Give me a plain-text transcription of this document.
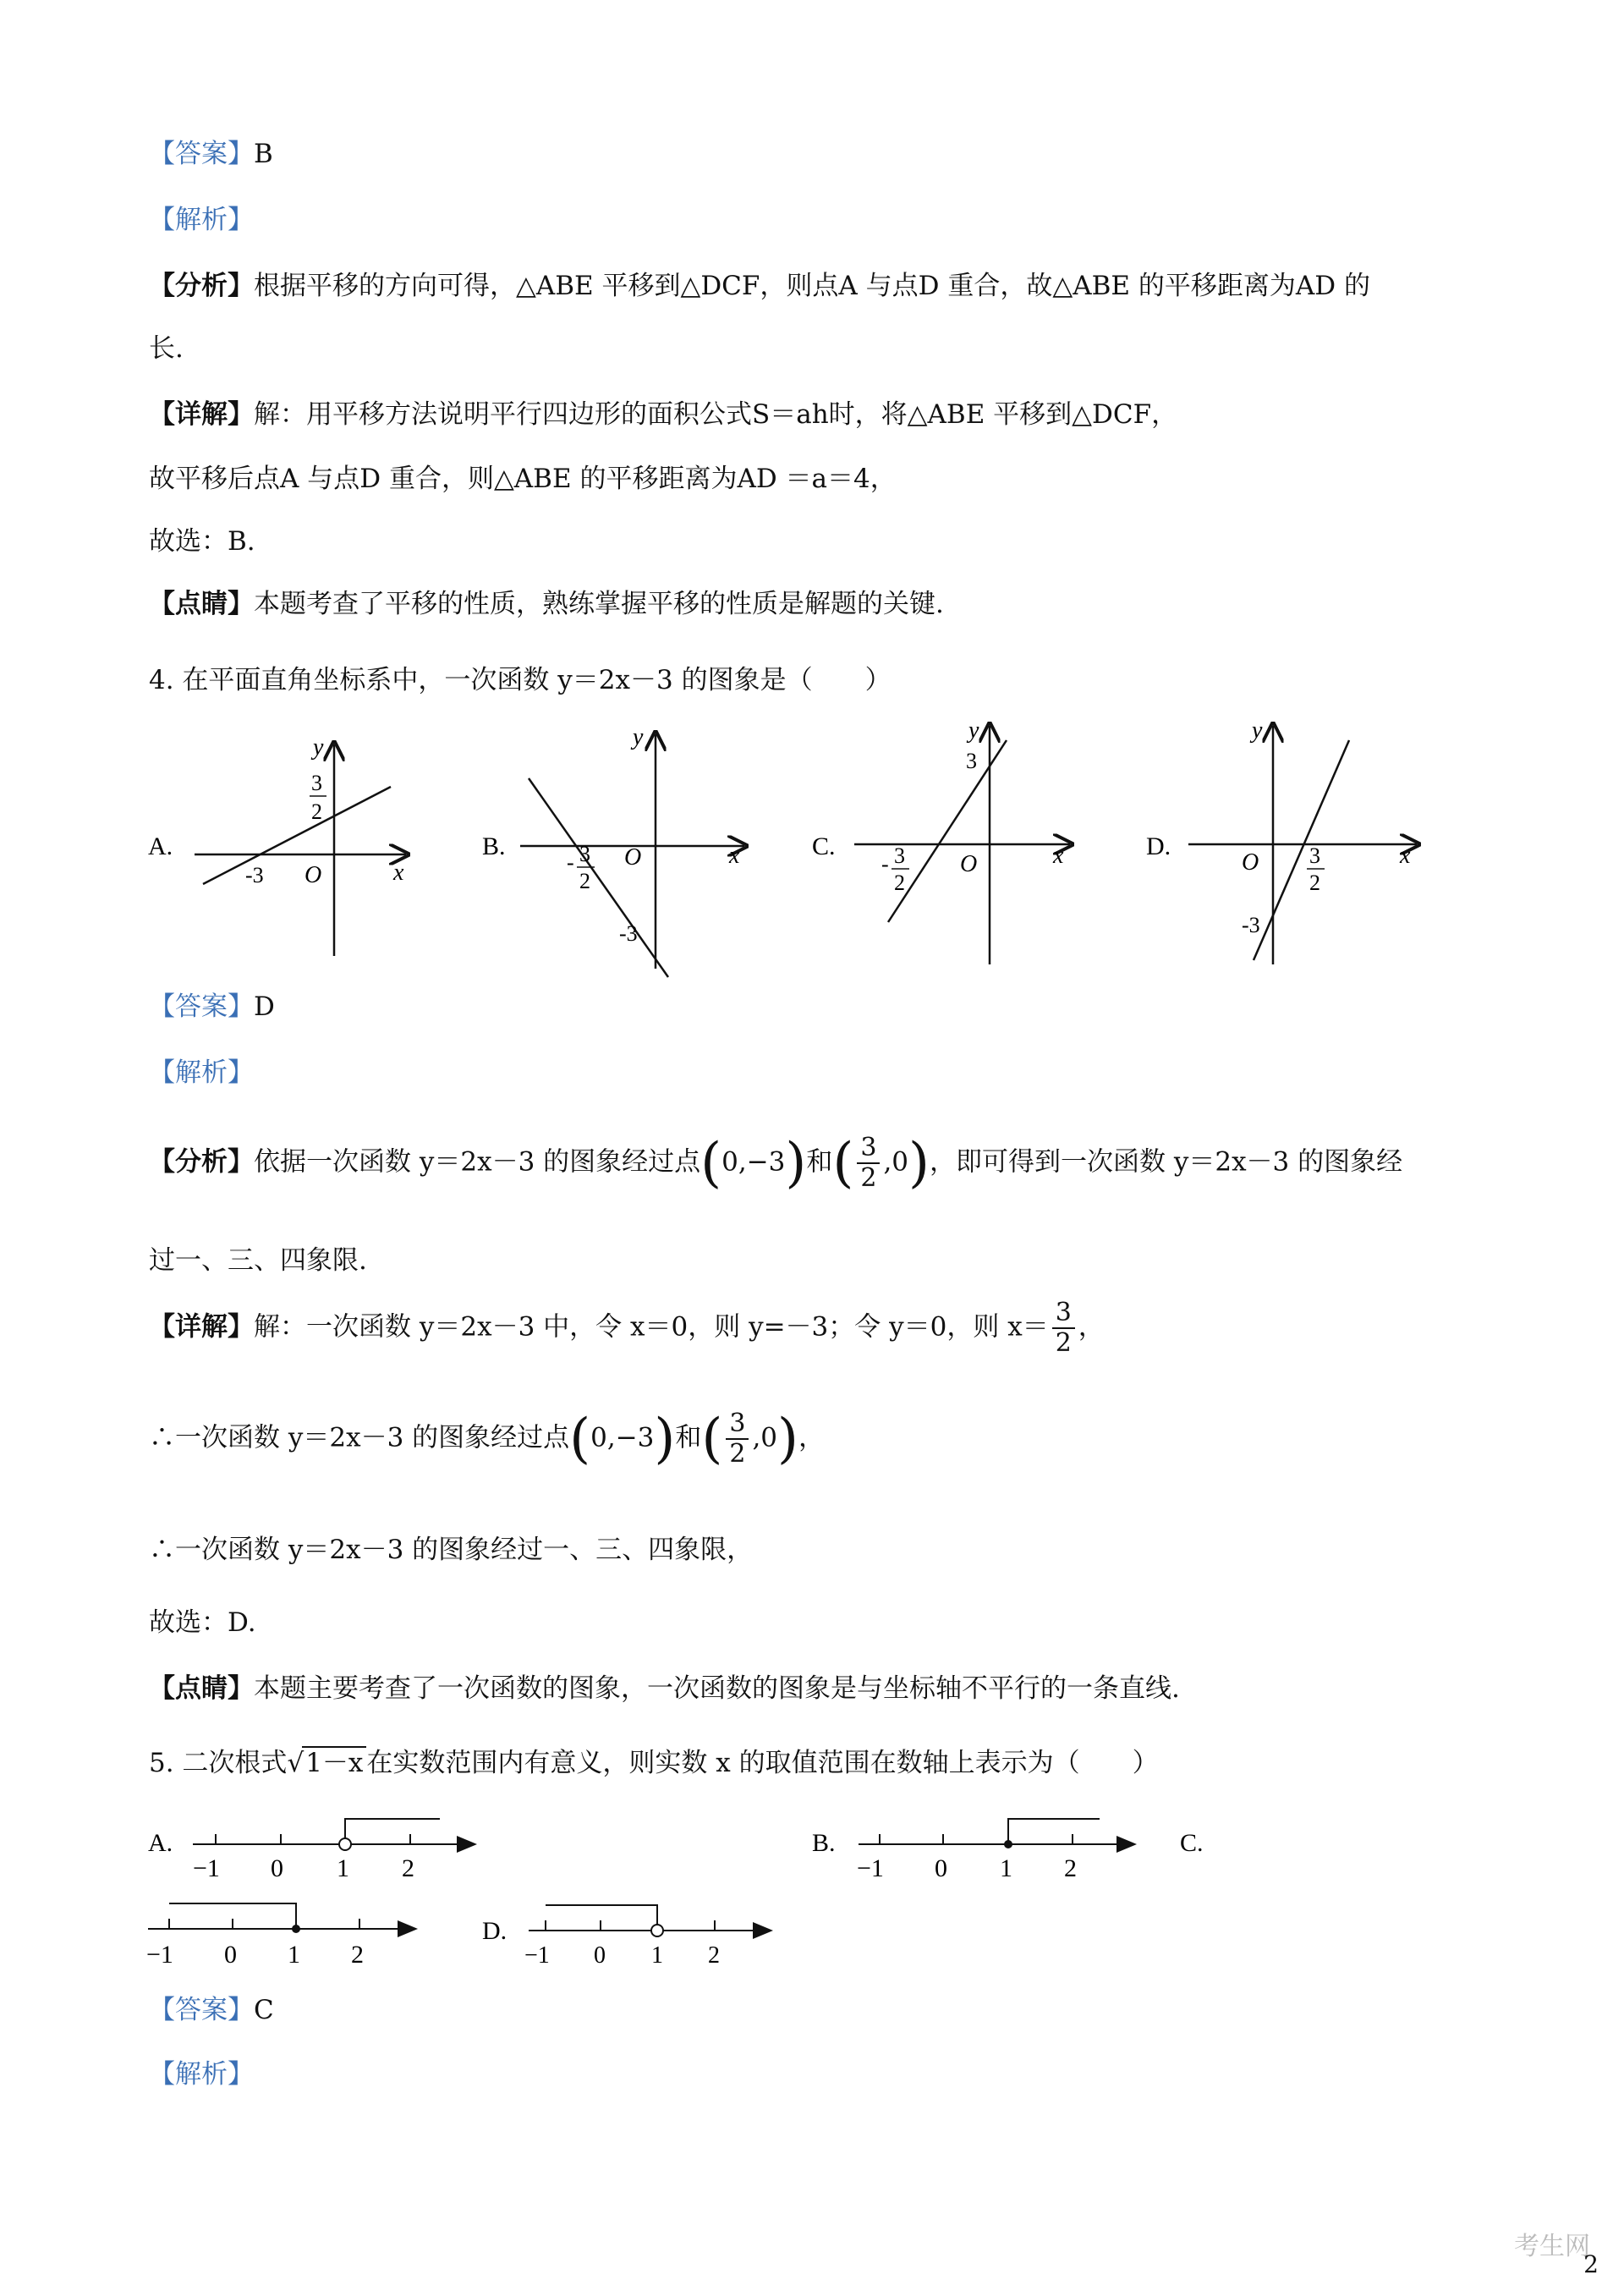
【答案】B
【解析】
【分析】根据平移的方向可得，△ABE 平移到△DCF，则点A 与点D 重合，故△ABE 的平移距离为AD 的
长.
【详解】解：用平移方法说明平行四边形的面积公式S＝ah时，将△ABE 平移到△DCF，
故平移后点A 与点D 重合，则△ABE 的平移距离为AD ＝a＝4，
故选：B.
【点睛】本题考查了平移的性质，熟练掌握平移的性质是解题的关键.
4. 在平面直角坐标系中，一次函数 y＝2x－3 的图象是（　　）
A.
y
x
O
-3
3
2
B.
y
x
O
- 3
2
-3
C.
y
x
O
3
- 3
2
D.
y
x
O 3
2
-3
【答案】D
【解析】
【分析】依据一次函数 y＝2x－3 的图象经过点(0,−3)和( $\frac{3}{2} ,0$)，即可得到一次函数 y＝2x－3 的图象经
过一、三、四象限.
【详解】解：一次函数 y＝2x－3 中，令 x＝0，则 y=－3；令 y＝0，则 $x= \frac{3}{2}$ ，
∴一次函数 y＝2x－3 的图象经过点(0,−3)和( $\frac{3}{2} ,0$)，
∴一次函数 y＝2x－3 的图象经过一、三、四象限，
故选：D.
【点睛】本题主要考查了一次函数的图象，一次函数的图象是与坐标轴不平行的一条直线.
5. 二次根式√1－x 在实数范围内有意义，则实数 x 的取值范围在数轴上表示为（　　）
A.
−1 0 1 2
B.
−1 0 1 2
C.
−1 0 1 2
D.
−1 0 1 2
【答案】C
【解析】
考生网
2
